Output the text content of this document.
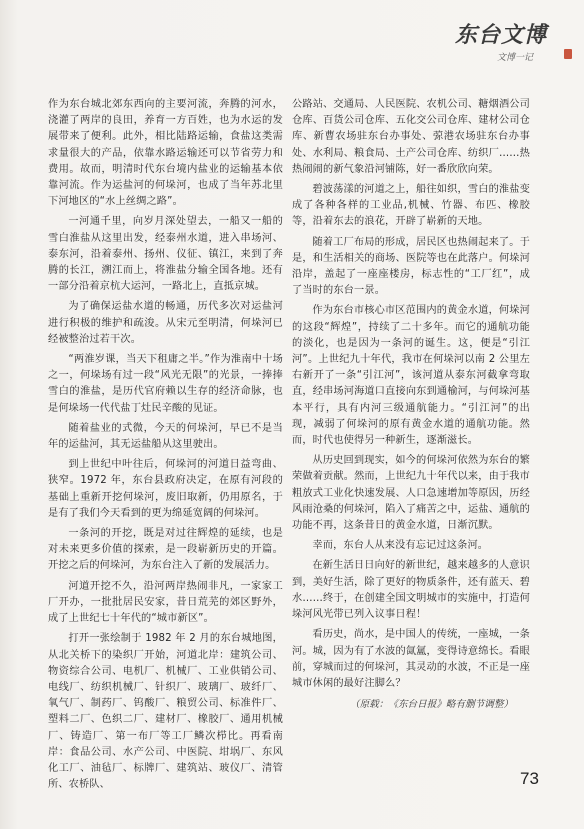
东台文博
文博一记

作为东台城北郊东西向的主要河流，奔腾的河水，浇灌了两岸的良田，养育一方百姓，也为水运的发展带来了便利。此外，相比陆路运输，食盐这类需求量很大的产品，依靠水路运输还可以节省劳力和费用。故而，明清时代东台境内盐业的运输基本依靠河流。作为运盐河的何垛河，也成了当年苏北里下河地区的“水上丝绸之路”。

一河通千里，向岁月深处望去，一船又一船的雪白淮盐从这里出发，经泰州水道，进入串场河、泰东河，沿着泰州、扬州、仪征、镇江，来到了奔腾的长江，溯江而上，将淮盐分输全国各地。还有一部分沿着京杭大运河，一路北上，直抵京城。

为了确保运盐水道的畅通，历代多次对运盐河进行积极的维护和疏浚。从宋元至明清，何垛河已经被整治过若干次。

“两淮岁课，当天下租庸之半。”作为淮南中十场之一，何垛场有过一段“风光无限”的光景，一捧捧雪白的淮盐，是历代官府赖以生存的经济命脉，也是何垛场一代代盐丁灶民辛酸的见证。

随着盐业的式微，今天的何垛河，早已不是当年的运盐河，其无运盐船从这里驶出。

到上世纪中叶往后，何垛河的河道日益弯曲、狭窄。1972 年，东台县政府决定，在原有河段的基础上重新开挖何垛河，废旧取新，仍用原名，于是有了我们今天看到的更为绵延宽阔的何垛河。

一条河的开挖，既是对过往辉煌的延续，也是对未来更多价值的探索，是一段崭新历史的开篇。开挖之后的何垛河，为东台注入了新的发展活力。

河道开挖不久，沿河两岸热闹非凡，一家家工厂开办，一批批居民安家，昔日荒芜的郊区野外，成了上世纪七十年代的“城市新区”。

打开一张绘制于 1982 年 2 月的东台城地图，从北关桥下的染织厂开始，河道北岸：建筑公司、物资综合公司、电机厂、机械厂、工业供销公司、电线厂、纺织机械厂、针织厂、玻璃厂、玻纤厂、氧气厂、制药厂、钨酸厂、粮贸公司、标准件厂、塑料二厂、色织二厂、建材厂、橡胶厂、通用机械厂、铸造厂、第一布厂等工厂鳞次栉比。再看南岸：食品公司、水产公司、中医院、坩埚厂、东风化工厂、油毡厂、标牌厂、建筑站、玻仪厂、清管所、农桥队、

公路站、交通局、人民医院、农机公司、糖烟酒公司仓库、百货公司仓库、五化交公司仓库、建材公司仓库、新曹农场驻东台办事处、弶港农场驻东台办事处、水利局、粮食局、土产公司仓库、纺织厂……热热闹闹的新气象沿河铺陈，好一番欣欣向荣。

碧波荡漾的河道之上，船往如织，雪白的淮盐变成了各种各样的工业品,机械、竹器、布匹、橡胶等，沿着东去的浪花，开辟了崭新的天地。

随着工厂布局的形成，居民区也热闹起来了。于是，和生活相关的商场、医院等也在此落户。何垛河沿岸，盖起了一座座楼房，标志性的“工厂红”，成了当时的东台一景。

作为东台市核心市区范围内的黄金水道，何垛河的这段“辉煌”，持续了二十多年。而它的通航功能的淡化，也是因为一条河的诞生。这，便是“引江河”。上世纪九十年代，我市在何垛河以南 2 公里左右新开了一条“引江河”，该河道从泰东河截拿弯取直，经串场河海道口直接向东到通榆河，与何垛河基本平行，具有内河三级通航能力。“引江河”的出现，减弱了何垛河的原有黄金水道的通航功能。然而，时代也使得另一种新生，逐渐滋长。

从历史回到现实，如今的何垛河依然为东台的繁荣做着贡献。然而，上世纪九十年代以来，由于我市粗放式工业化快速发展、人口急速增加等原因，历经风雨沧桑的何垛河，陷入了痛苦之中，运盐、通航的功能不再，这条昔日的黄金水道，日渐沉默。

幸而，东台人从来没有忘记过这条河。

在新生活日日向好的新世纪，越来越多的人意识到，美好生活，除了更好的物质条件，还有蓝天、碧水……终于，在创建全国文明城市的实施中，打造何垛河风光带已列入议事日程！

看历史，尚水，是中国人的传统，一座城，一条河。城，因为有了水波的氤氲，变得诗意绵长。看眼前，穿城而过的何垛河，其灵动的水波，不正是一座城市休闲的最好注脚么？

（原载：《东台日报》略有删节调整）
73
